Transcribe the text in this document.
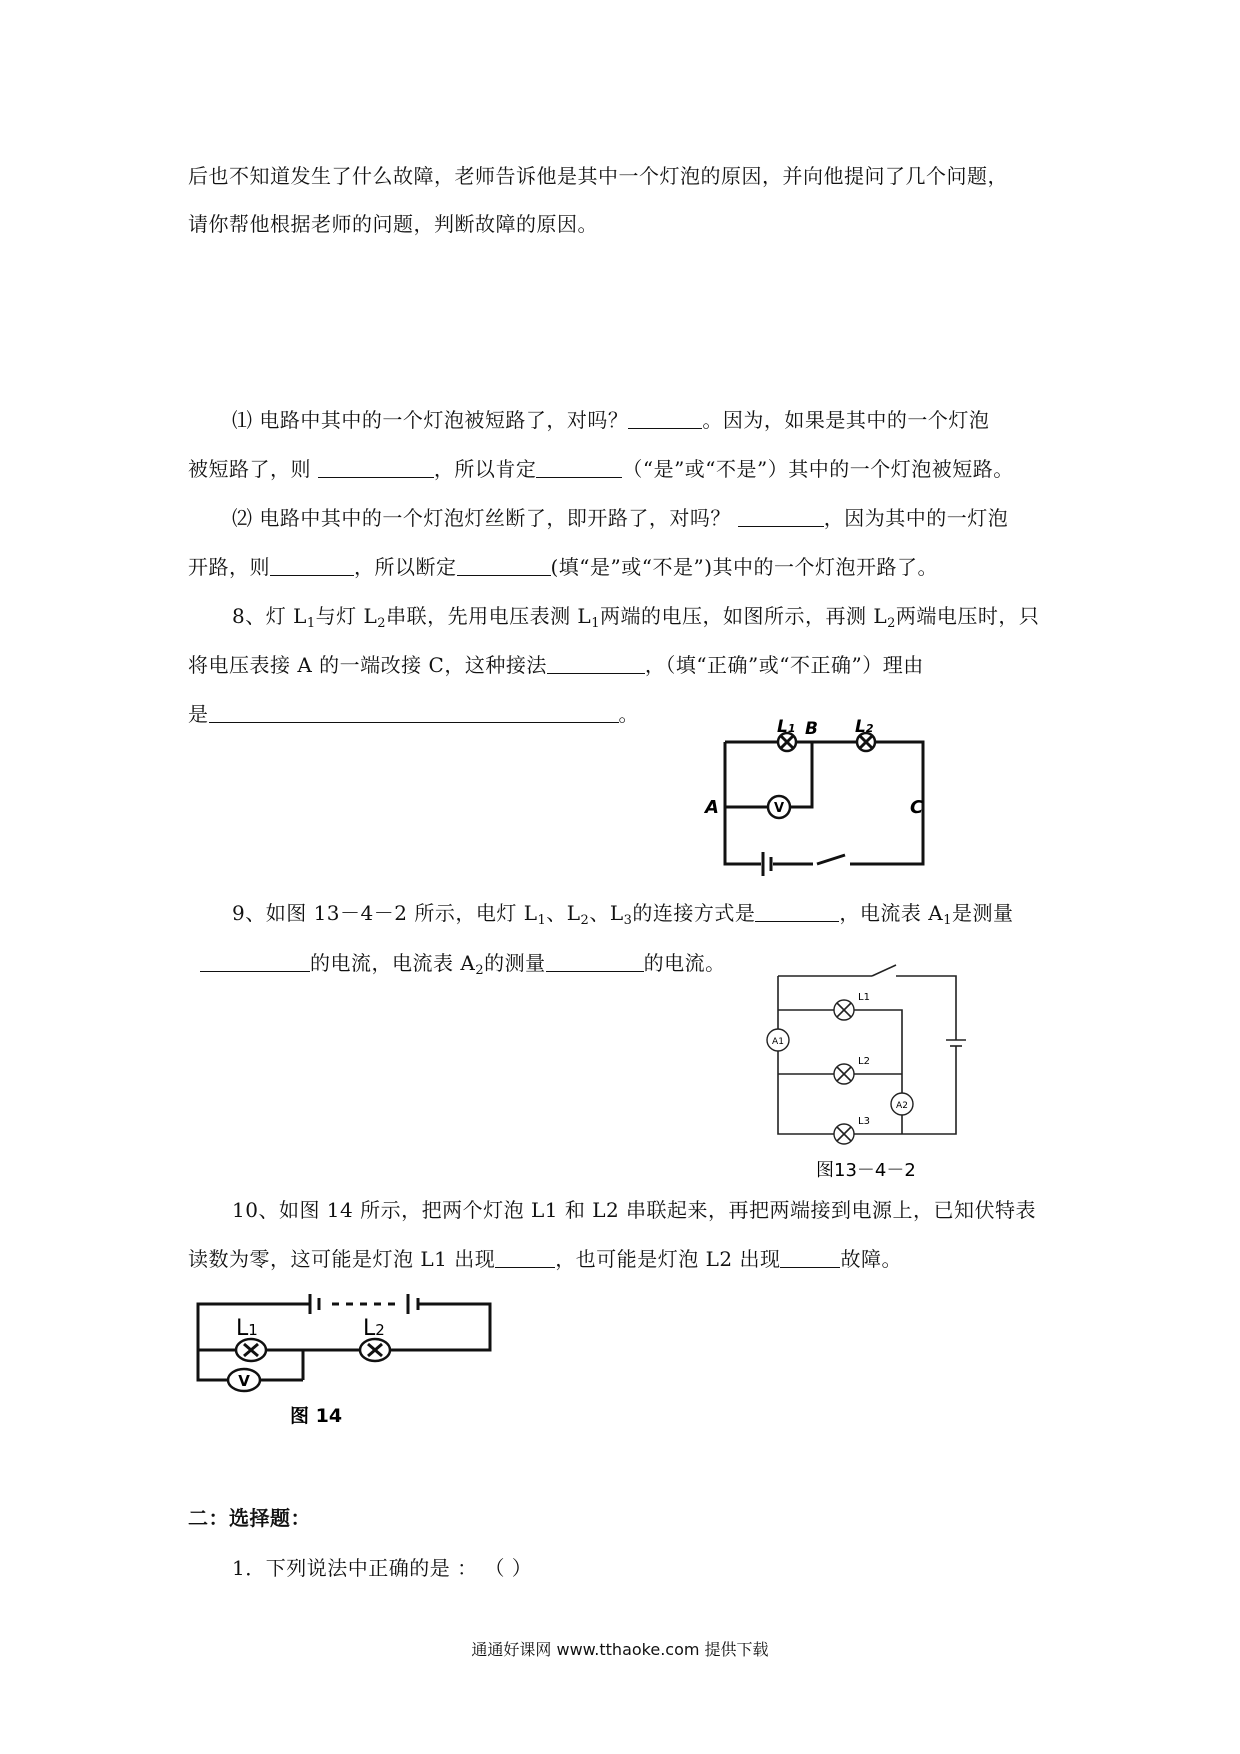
后也不知道发生了什么故障，老师告诉他是其中一个灯泡的原因，并向他提问了几个问题，
请你帮他根据老师的问题，判断故障的原因。
⑴ 电路中其中的一个灯泡被短路了，对吗？	。因为，如果是其中的一个灯泡
被短路了，则	，所以肯定	（“是”或“不是”）其中的一个灯泡被短路。
⑵ 电路中其中的一个灯泡灯丝断了，即开路了，对吗？	，因为其中的一灯泡
开路，则	，所以断定	(填“是”或“不是”)其中的一个灯泡开路了。
8、灯 $L_1$与灯 $L_2$串联，先用电压表测 $L_1$两端的电压，如图所示，再测 $L_2$两端电压时，只
将电压表接 A 的一端改接 C，这种接法	，（填“正确”或“不正确”）理由
是	。
V
L1	L2
B
A	C
9、如图 13－4－2 所示，电灯 $L_1$、$L_2$、$L_3$的连接方式是	，电流表 $A_1$是测量
的电流，电流表 $A_2$的测量	的电流。
A1
A2
L1
L2
L3
图13－4－2
10、如图 14 所示，把两个灯泡 L1 和 L2 串联起来，再把两端接到电源上，已知伏特表
读数为零，这可能是灯泡 L1 出现	，也可能是灯泡 L2 出现	故障。
V
L1	L2
图 14
二：选择题：
1．下列说法中正确的是 ： （ ）
通通好课网 www.tthaoke.com 提供下载
